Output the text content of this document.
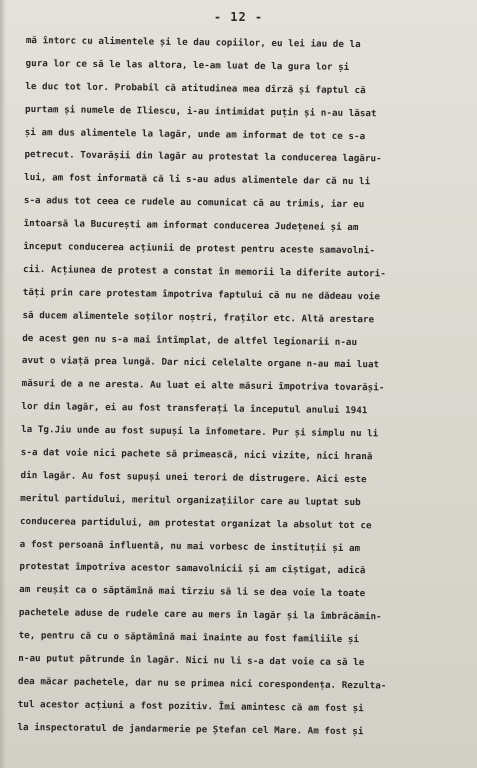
- 12 -
mă întorc cu alimentele și le dau copiilor, eu lei iau de la
gura lor ce să le las altora, le-am luat de la gura lor și
le duc tot lor. Probabil că atitudinea mea dîrză și faptul că
purtam și numele de Iliescu, i-au intimidat puțin și n-au lăsat
și am dus alimentele la lagăr, unde am informat de tot ce s-a
petrecut. Tovarășii din lagăr au protestat la conducerea lagăru-
lui, am fost informată că li s-au adus alimentele dar că nu li
s-a adus tot ceea ce rudele au comunicat că au trimis, iar eu
întoarsă la București am informat conducerea Județenei și am
început conducerea acțiunii de protest pentru aceste samavolni-
cii. Acțiunea de protest a constat în memorii la diferite autori-
tăți prin care protestam împotriva faptului că nu ne dădeau voie
să ducem alimentele soților noștri, fraților etc. Altă arestare
de acest gen nu s-a mai întîmplat, de altfel legionarii n-au
avut o viață prea lungă. Dar nici celelalte organe n-au mai luat
măsuri de a ne aresta. Au luat ei alte măsuri împotriva tovarăși-
lor din lagăr, ei au fost transferați la începutul anului 1941
la Tg.Jiu unde au fost supuși la înfometare. Pur și simplu nu li
s-a dat voie nici pachete să primească, nici vizite, nici hrană
din lagăr. Au fost supuși unei terori de distrugere. Aici este
meritul partidului, meritul organizațiilor care au luptat sub
conducerea partidului, am protestat organizat la absolut tot ce
a fost persoană influentă, nu mai vorbesc de instituții și am
protestat împotriva acestor samavolnicii și am cîștigat, adică
am reușit ca o săptămînă mai tîrziu să li se dea voie la toate
pachetele aduse de rudele care au mers în lagăr și la îmbrăcămin-
te, pentru că cu o săptămînă mai înainte au fost familiile și
n-au putut pătrunde în lagăr. Nici nu li s-a dat voie ca să le
dea măcar pachetele, dar nu se primea nici corespondența. Rezulta-
tul acestor acțiuni a fost pozitiv. Îmi amintesc că am fost și
la inspectoratul de jandarmerie pe Ștefan cel Mare. Am fost și
